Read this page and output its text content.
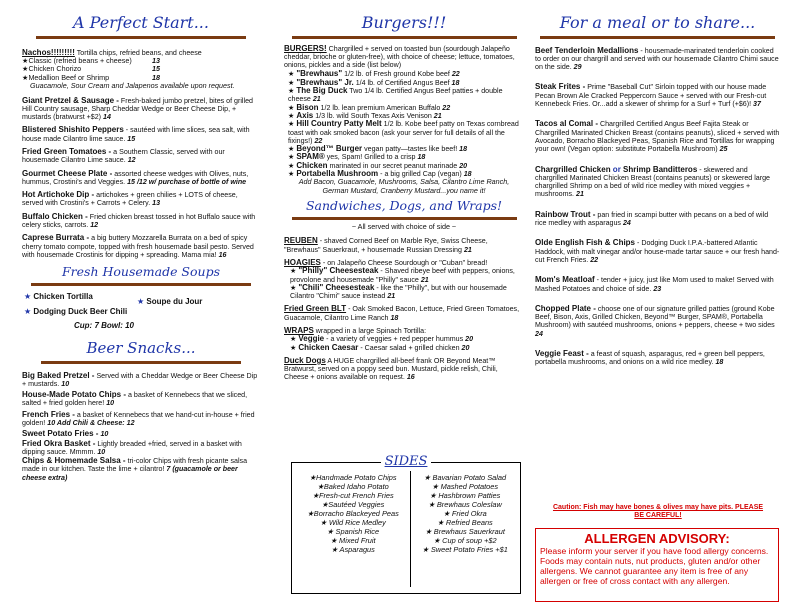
A Perfect Start...

Nachos!!!!!!!!! Tortilla chips, refried beans, and cheese
★Classic (refried beans + cheese)	13
★Chicken Chorizo	15
★Medallion Beef or Shrimp	18
Guacamole, Sour Cream and Jalapenos available upon request.
Giant Pretzel & Sausage - Fresh-baked jumbo pretzel, bites of grilled Hill Country sausage, Sharp Cheddar Wedge or Beer Cheese Dip, + mustards (bratwurst +$2) 14
Blistered Shishito Peppers - sautéed with lime slices, sea salt, with house made Cilantro lime sauce. 15
Fried Green Tomatoes - a Southern Classic, served with our housemade Cilantro Lime sauce. 12
Gourmet Cheese Plate - assorted cheese wedges with Olives, nuts, hummus, Crostini's and Veggies. 15 /12 w/ purchase of bottle of wine
Hot Artichoke Dip - artichokes + green chilies + LOTS of cheese, served with Crostini's + Carrots + Celery. 13
Buffalo Chicken - Fried chicken breast tossed in hot Buffalo sauce with celery sticks, carrots. 12
Caprese Burrata - a big buttery Mozzarella Burrata on a bed of spicy cherry tomato compote, topped with fresh housemade basil pesto. Served with housemade Crostinis for dipping + spreading. Mama mia! 16

Fresh Housemade Soups

★ Chicken Tortilla
★ Soupe du Jour
★ Dodging Duck Beer Chili
Cup: 7 Bowl: 10

Beer Snacks...

Big Baked Pretzel - Served with a Cheddar Wedge or Beer Cheese Dip + mustards. 10
House-Made Potato Chips - a basket of Kennebecs that we sliced, salted + fried golden here! 10
French Fries - a basket of Kennebecs that we hand-cut in-house + fried golden! 10 Add Chili & Cheese: 12
Sweet Potato Fries - 10
Fried Okra Basket - Lightly breaded +fried, served in a basket with dipping sauce. Mmmm. 10
Chips & Homemade Salsa - tri-color Chips with fresh picante salsa made in our kitchen. Taste the lime + cilantro! 7 (guacamole or beer cheese extra)

Burgers!!!

BURGERS! Chargrilled + served on toasted bun (sourdough Jalapeño cheddar, brioche or gluten-free), with choice of cheese; lettuce, tomatoes, onions, pickles and a side (list below)
★ "Brewhaus" 1/2 lb. of Fresh ground Kobe beef 22
★ "Brewhaus" Jr. 1/4 lb. of Certified Angus Beef 18
★ The Big Duck Two 1/4 lb. Certified Angus Beef patties + double cheese 21
★ Bison 1/2 lb. lean premium American Buffalo 22
★ Axis 1/3 lb. wild South Texas Axis Venison 21
★ Hill Country Patty Melt 1/2 lb. Kobe beef patty on Texas cornbread toast with oak smoked bacon (ask your server for full details of all the fixings!) 22
★ Beyond™ Burger vegan patty—tastes like beef! 18
★ SPAM® yes, Spam! Grilled to a crisp 18
★ Chicken marinated in our secret peanut marinade 20
★ Portabella Mushroom - a big grilled Cap (vegan) 18
Add Bacon, Guacamole, Mushrooms, Salsa, Cilantro Lime Ranch, German Mustard, Cranberry Mustard...you name it!

Sandwiches, Dogs, and Wraps!

~ All served with choice of side ~
REUBEN - shaved Corned Beef on Marble Rye, Swiss Cheese, "Brewhaus" Sauerkraut, + housemade Russian Dressing 21
HOAGIES - on Jalapeño Cheese Sourdough or "Cuban" bread!
★ "Philly" Cheesesteak - Shaved ribeye beef with peppers, onions, provolone and housemade "Philly" sauce 21
★ "Chili" Cheesesteak - like the "Philly", but with our housemade Cilantro "Chimi" sauce instead 21
Fried Green BLT - Oak Smoked Bacon, Lettuce, Fried Green Tomatoes, Guacamole, Cilantro Lime Ranch 18
WRAPS wrapped in a large Spinach Tortilla:
★ Veggie - a variety of veggies + red pepper hummus 20
★ Chicken Caesar - Caesar salad + grilled chicken 20
Duck Dogs A HUGE chargrilled all-beef frank OR Beyond Meat™ Bratwurst, served on a poppy seed bun. Mustard, pickle relish, Chili, Cheese + onions available on request. 16
SIDES
★Handmade Potato Chips
★Baked Idaho Potato
★Fresh-cut French Fries
★Sautéed Veggies
★Borracho Blackeyed Peas
★ Wild Rice Medley
★ Spanish Rice
★ Mixed Fruit
★ Asparagus
★ Bavarian Potato Salad
★ Mashed Potatoes
★ Hashbrown Patties
★ Brewhaus Coleslaw
★ Fried Okra
★ Refried Beans
★ Brewhaus Sauerkraut
★ Cup of soup +$2
★ Sweet Potato Fries +$1

For a meal or to share...

Beef Tenderloin Medallions - housemade-marinated tenderloin cooked to order on our chargrill and served with our housemade Cilantro Chimi sauce on the side. 29
Steak Frites - Prime "Baseball Cut" Sirloin topped with our house made Pecan Brown Ale Cracked Peppercorn Sauce + served with our Fresh-cut Kennebeck Fries. Or...add a skewer of shrimp for a Surf + Turf (+$6)! 37
Tacos al Comal - Chargrilled Certified Angus Beef Fajita Steak or Chargrilled Marinated Chicken Breast (contains peanuts), sliced + served with Avocado, Borracho Blackeyed Peas, Spanish Rice and Tortillas for wrapping your own! (Vegan option: substitute Portabella Mushroom) 25
Chargrilled Chicken or Shrimp Banditteros - skewered and chargrilled Marinated Chicken Breast (contains peanuts) or skewered large chargrilled Shrimp on a bed of wild rice medley with mixed veggies + mushrooms. 21
Rainbow Trout - pan fried in scampi butter with pecans on a bed of wild rice medley with asparagus 24
Olde English Fish & Chips - Dodging Duck I.P.A.-battered Atlantic Haddock, with malt vinegar and/or house-made tartar sauce + our fresh hand-cut French Fries. 22
Mom's Meatloaf - tender + juicy, just like Mom used to make! Served with Mashed Potatoes and choice of side. 23
Chopped Plate - choose one of our signature grilled patties (ground Kobe Beef, Bison, Axis, Grilled Chicken, Beyond™ Burger, SPAM®, Portabella Mushroom) with sautéed mushrooms, onions + peppers, cheese + two sides 24
Veggie Feast - a feast of squash, asparagus, red + green bell peppers, portabella mushrooms, and onions on a wild rice medley. 18
Caution: Fish may have bones & olives may have pits. PLEASE BE CAREFUL!
ALLERGEN ADVISORY:
Please inform your server if you have food allergy concerns. Foods may contain nuts, nut products, gluten and/or other allergens. We cannot guarantee any item is free of any allergen or free of cross contact with any allergen.
